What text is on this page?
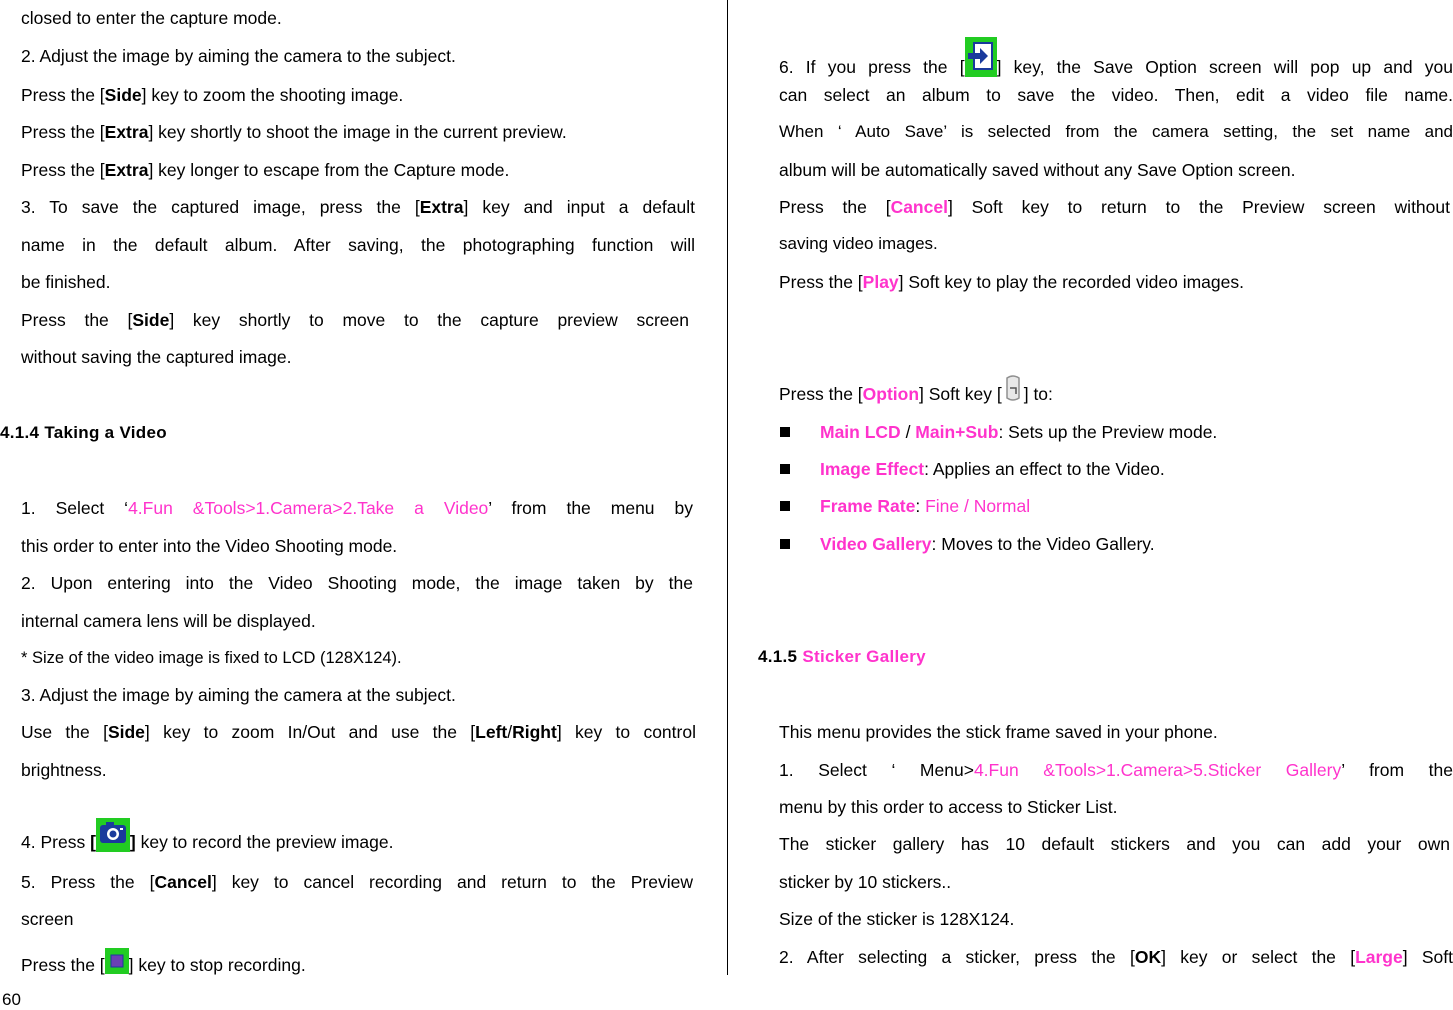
closed to enter the capture mode.
2. Adjust the image by aiming the camera to the subject.
Press the [Side] key to zoom the shooting image.
Press the [Extra] key shortly to shoot the image in the current preview.
Press the [Extra] key longer to escape from the Capture mode.
3. To save the captured image, press the [Extra] key and input a default
name in the default album. After saving, the photographing function will
be finished.
Press the [Side] key shortly to move to the capture preview screen
without saving the captured image.
4.1.4 Taking a Video
1. Select ‘4.Fun &Tools>1.Camera>2.Take a Video’ from the menu by
this order to enter into the Video Shooting mode.
2. Upon entering into the Video Shooting mode, the image taken by the
internal camera lens will be displayed.
* Size of the video image is fixed to LCD (128X124).
3. Adjust the image by aiming the camera at the subject.
Use the [Side] key to zoom In/Out and use the [Left/Right] key to control
brightness.
4. Press [ ] key to record the preview image.
5. Press the [Cancel] key to cancel recording and return to the Preview
screen
Press the [ ] key to stop recording.
60
6. If you press the [ ] key, the Save Option screen will pop up and you
can select an album to save the video. Then, edit a video file name.
When ‘ Auto Save’ is selected from the camera setting, the set name and
album will be automatically saved without any Save Option screen.
Press the [Cancel] Soft key to return to the Preview screen without
saving video images.
Press the [Play] Soft key to play the recorded video images.
Press the [Option] Soft key [ ] to:
Main LCD / Main+Sub: Sets up the Preview mode.
Image Effect: Applies an effect to the Video.
Frame Rate: Fine / Normal
Video Gallery: Moves to the Video Gallery.
4.1.5 Sticker Gallery
This menu provides the stick frame saved in your phone.
1. Select ‘ Menu>4.Fun &Tools>1.Camera>5.Sticker Gallery’ from the
menu by this order to access to Sticker List.
The sticker gallery has 10 default stickers and you can add your own
sticker by 10 stickers..
Size of the sticker is 128X124.
2. After selecting a sticker, press the [OK] key or select the [Large] Soft
